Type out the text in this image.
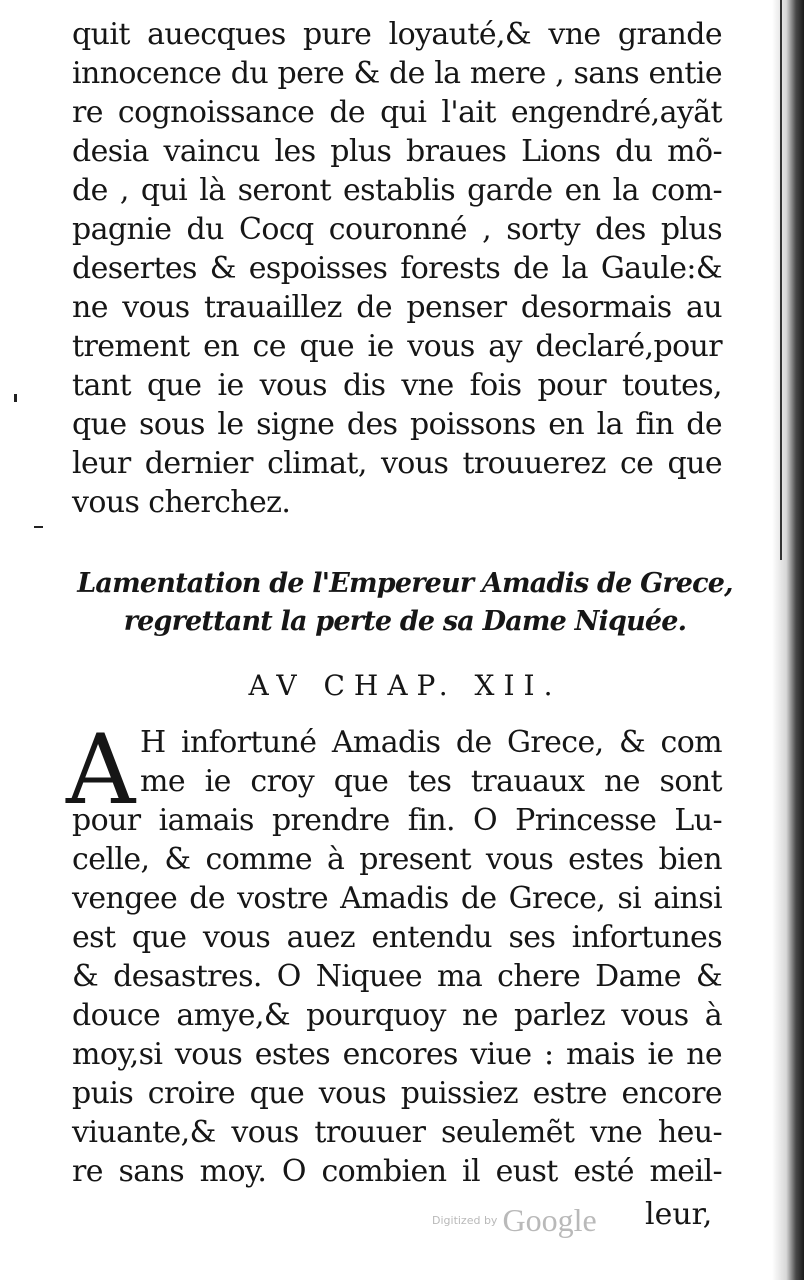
quit auecques pure loyauté,& vne grande
innocence du pere & de la mere , sans entie
re cognoissance de qui l'ait engendré,ayãt
desia vaincu les plus braues Lions du mõ-
de , qui là seront establis garde en la com-
pagnie du Cocq couronné , sorty des plus
desertes & espoisses forests de la Gaule:&
ne vous trauaillez de penser desormais au
trement en ce que ie vous ay declaré,pour
tant que ie vous dis vne fois pour toutes,
que sous le signe des poissons en la fin de
leur dernier climat, vous trouuerez ce que
vous cherchez.
Lamentation de l'Empereur Amadis de Grece,
regrettant la perte de sa Dame Niquée.
AV CHAP. XII.
A H infortuné Amadis de Grece, & com
me ie croy que tes trauaux ne sont
pour iamais prendre fin. O Princesse Lu-
celle, & comme à present vous estes bien
vengee de vostre Amadis de Grece, si ainsi
est que vous auez entendu ses infortunes
& desastres. O Niquee ma chere Dame &
douce amye,& pourquoy ne parlez vous à
moy,si vous estes encores viue : mais ie ne
puis croire que vous puissiez estre encore
viuante,& vous trouuer seulemẽt vne heu-
re sans moy. O combien il eust esté meil-
leur,
Digitized by Google
